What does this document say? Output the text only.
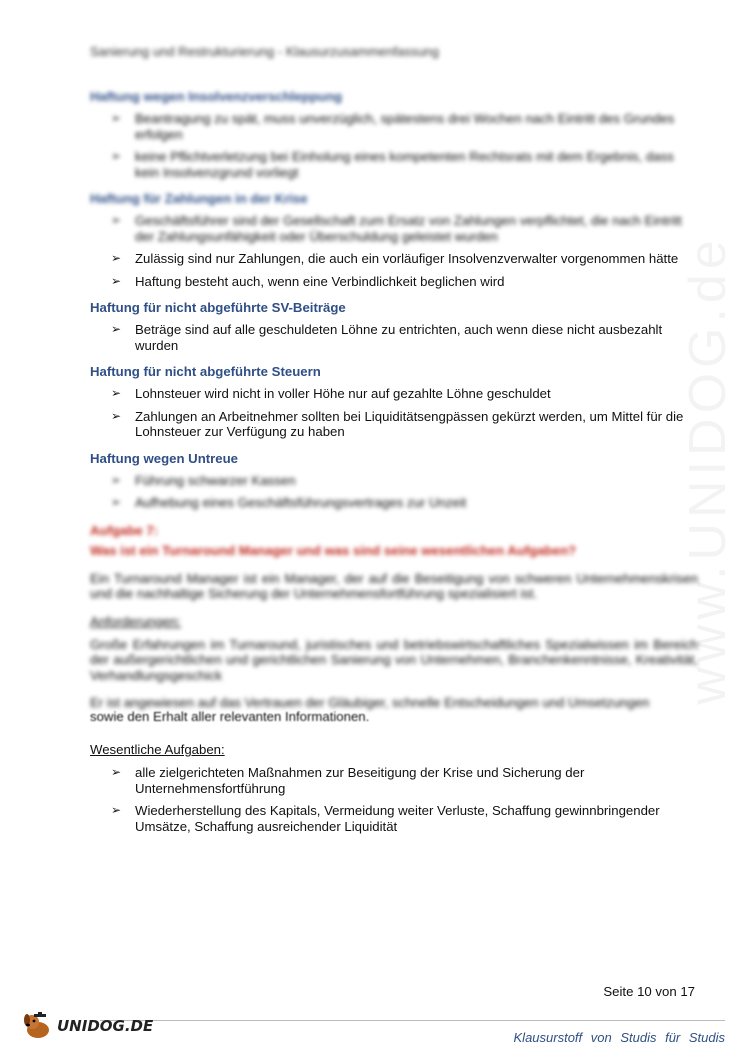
Sanierung und Restrukturierung - Klausurzusammenfassung
Haftung wegen Insolvenzverschleppung
➢ Beantragung zu spät, muss unverzüglich, spätestens drei Wochen nach Eintritt des Grundes erfolgen
➢ keine Pflichtverletzung bei Einholung eines kompetenten Rechtsrats mit dem Ergebnis, dass kein Insolvenzgrund vorliegt
Haftung für Zahlungen in der Krise
➢ Geschäftsführer sind der Gesellschaft zum Ersatz von Zahlungen verpflichtet, die nach Eintritt der Zahlungsunfähigkeit oder Überschuldung geleistet wurden
➢ Zulässig sind nur Zahlungen, die auch ein vorläufiger Insolvenzverwalter vorgenommen hätte
➢ Haftung besteht auch, wenn eine Verbindlichkeit beglichen wird
Haftung für nicht abgeführte SV-Beiträge
➢ Beträge sind auf alle geschuldeten Löhne zu entrichten, auch wenn diese nicht ausbezahlt wurden
Haftung für nicht abgeführte Steuern
➢ Lohnsteuer wird nicht in voller Höhe nur auf gezahlte Löhne geschuldet
➢ Zahlungen an Arbeitnehmer sollten bei Liquiditätsengpässen gekürzt werden, um Mittel für die Lohnsteuer zur Verfügung zu haben
Haftung wegen Untreue
➢ Führung schwarzer Kassen
➢ Aufhebung eines Geschäftsführungsvertrages zur Unzeit
Aufgabe 7:
Was ist ein Turnaround Manager und was sind seine wesentlichen Aufgaben?
Ein Turnaround Manager ist ein Manager, der auf die Beseitigung von schweren Unternehmenskrisen und die nachhaltige Sicherung der Unternehmensfortführung spezialisiert ist.
Anforderungen:
Große Erfahrungen im Turnaround, juristisches und betriebswirtschaftliches Spezialwissen im Bereich der außergerichtlichen und gerichtlichen Sanierung von Unternehmen, Branchenkenntnisse, Kreativität, Verhandlungsgeschick
Er ist angewiesen auf das Vertrauen der Gläubiger, schnelle Entscheidungen und Umsetzungen
sowie den Erhalt aller relevanten Informationen.
Wesentliche Aufgaben:
➢ alle zielgerichteten Maßnahmen zur Beseitigung der Krise und Sicherung der Unternehmensfortführung
➢ Wiederherstellung des Kapitals, Vermeidung weiter Verluste, Schaffung gewinnbringender Umsätze, Schaffung ausreichender Liquidität
Seite 10 von 17
UNIDOG.DE
Klausurstoff von Studis für Studis
